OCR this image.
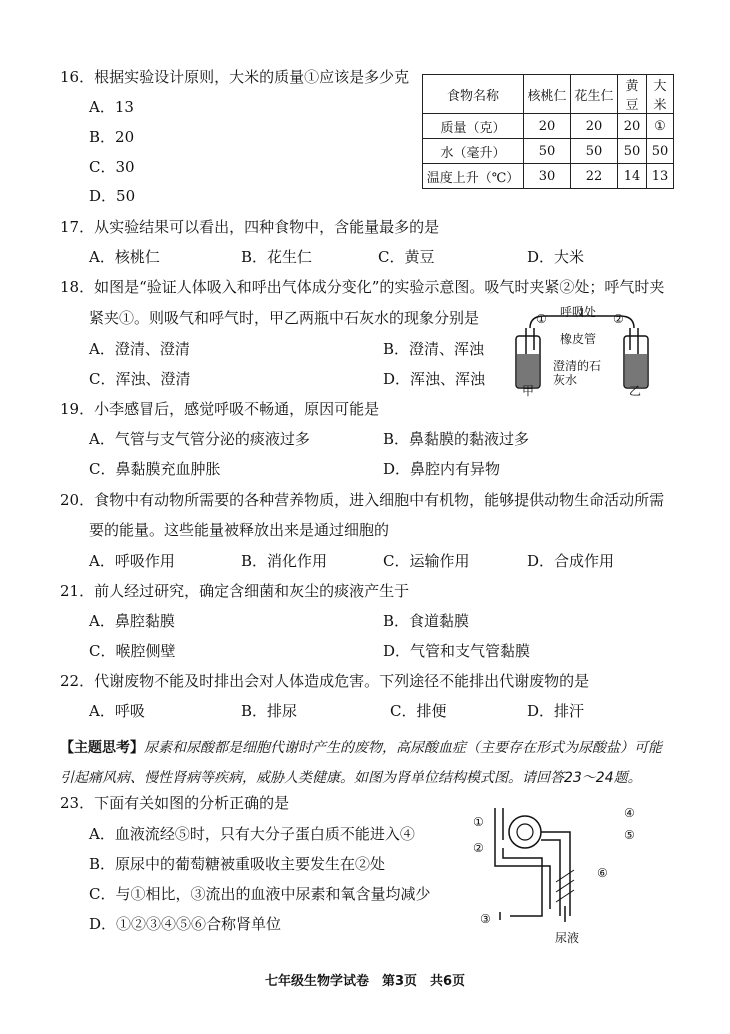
16．根据实验设计原则，大米的质量①应该是多少克
A．13
B．20
C．30
D．50
食物名称	核桃仁	花生仁	黄豆	大米
质量（克）	20	20	20	①
水（毫升）	50	50	50	50
温度上升（℃）	30	22	14	13
17．从实验结果可以看出，四种食物中，含能量最多的是
A．核桃仁	B．花生仁	C．黄豆	D．大米
18．如图是“验证人体吸入和呼出气体成分变化”的实验示意图。吸气时夹紧②处；呼气时夹
紧夹①。则吸气和呼气时，甲乙两瓶中石灰水的现象分别是
A．澄清、澄清	B．澄清、浑浊
C．浑浊、澄清	D．浑浊、浑浊
呼吸处
橡皮管
澄清的石灰水
①	②
甲	乙
19．小李感冒后，感觉呼吸不畅通，原因可能是
A．气管与支气管分泌的痰液过多	B．鼻黏膜的黏液过多
C．鼻黏膜充血肿胀	D．鼻腔内有异物
20．食物中有动物所需要的各种营养物质，进入细胞中有机物，能够提供动物生命活动所需
要的能量。这些能量被释放出来是通过细胞的
A．呼吸作用	B．消化作用	C．运输作用	D．合成作用
21．前人经过研究，确定含细菌和灰尘的痰液产生于
A．鼻腔黏膜	B．食道黏膜
C．喉腔侧壁	D．气管和支气管黏膜
22．代谢废物不能及时排出会对人体造成危害。下列途径不能排出代谢废物的是
A．呼吸	B．排尿	C．排便	D．排汗
【主题思考】尿素和尿酸都是细胞代谢时产生的废物，高尿酸血症（主要存在形式为尿酸盐）可能引起痛风病、慢性肾病等疾病，威胁人类健康。如图为肾单位结构模式图。请回答23～24题。
23．下面有关如图的分析正确的是
A．血液流经⑤时，只有大分子蛋白质不能进入④
B．原尿中的葡萄糖被重吸收主要发生在②处
C．与①相比，③流出的血液中尿素和氧含量均减少
D．①②③④⑤⑥合称肾单位
①
②
③
④
⑤
⑥
尿液
七年级生物学试卷　第3页　共6页
